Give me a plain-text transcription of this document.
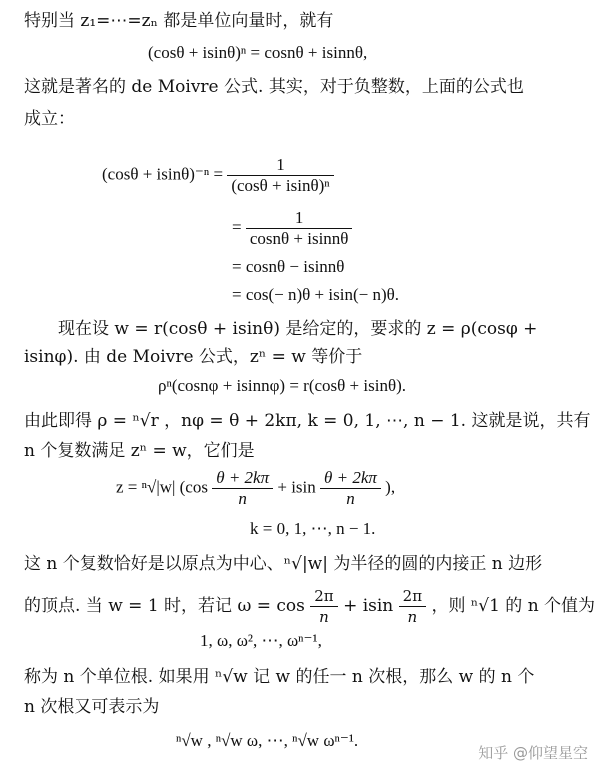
特别当 z₁=⋯=zₙ 都是单位向量时，就有
(cosθ + isinθ)ⁿ = cosnθ + isinnθ,
这就是著名的 de Moivre 公式. 其实，对于负整数，上面的公式也
成立：
$(\cos\theta + isin\theta)^{-n} = \frac{1}{\text{(cosθ + isinθ)ⁿ}}$
= $\frac{1}{\cos n\theta + isinn\theta}$
= cosnθ − isinnθ
= cos(− n)θ + isin(− n)θ.
现在设 w = r(cosθ + isinθ) 是给定的，要求的 z = ρ(cosφ +
isinφ). 由 de Moivre 公式，zⁿ = w 等价于
ρⁿ(cosnφ + isinnφ) = r(cosθ + isinθ).
由此即得 ρ = ⁿ√r ，nφ = θ + 2kπ, k = 0, 1, ⋯, n − 1. 这就是说，共有
n 个复数满足 zⁿ = w，它们是
z = ⁿ√|w| ($\cos \frac{\theta + 2k\pi}{n} + isin \frac{\theta + 2k\pi}{n}$ ),
k = 0, 1, ⋯, n − 1.
这 n 个复数恰好是以原点为中心、ⁿ√|w| 为半径的圆的内接正 n 边形
的顶点. 当 w = 1 时，若记 $\omega = \cos \frac{2\pi}{n} + isin \frac{2\pi}{n}$ ，则 ⁿ√1 的 n 个值为
1, ω, ω², ⋯, ωⁿ⁻¹,
称为 n 个单位根. 如果用 ⁿ√w 记 w 的任一 n 次根，那么 w 的 n 个
n 次根又可表示为
ⁿ√w , ⁿ√w ω, ⋯, ⁿ√w ωⁿ⁻¹.
知乎 @仰望星空
